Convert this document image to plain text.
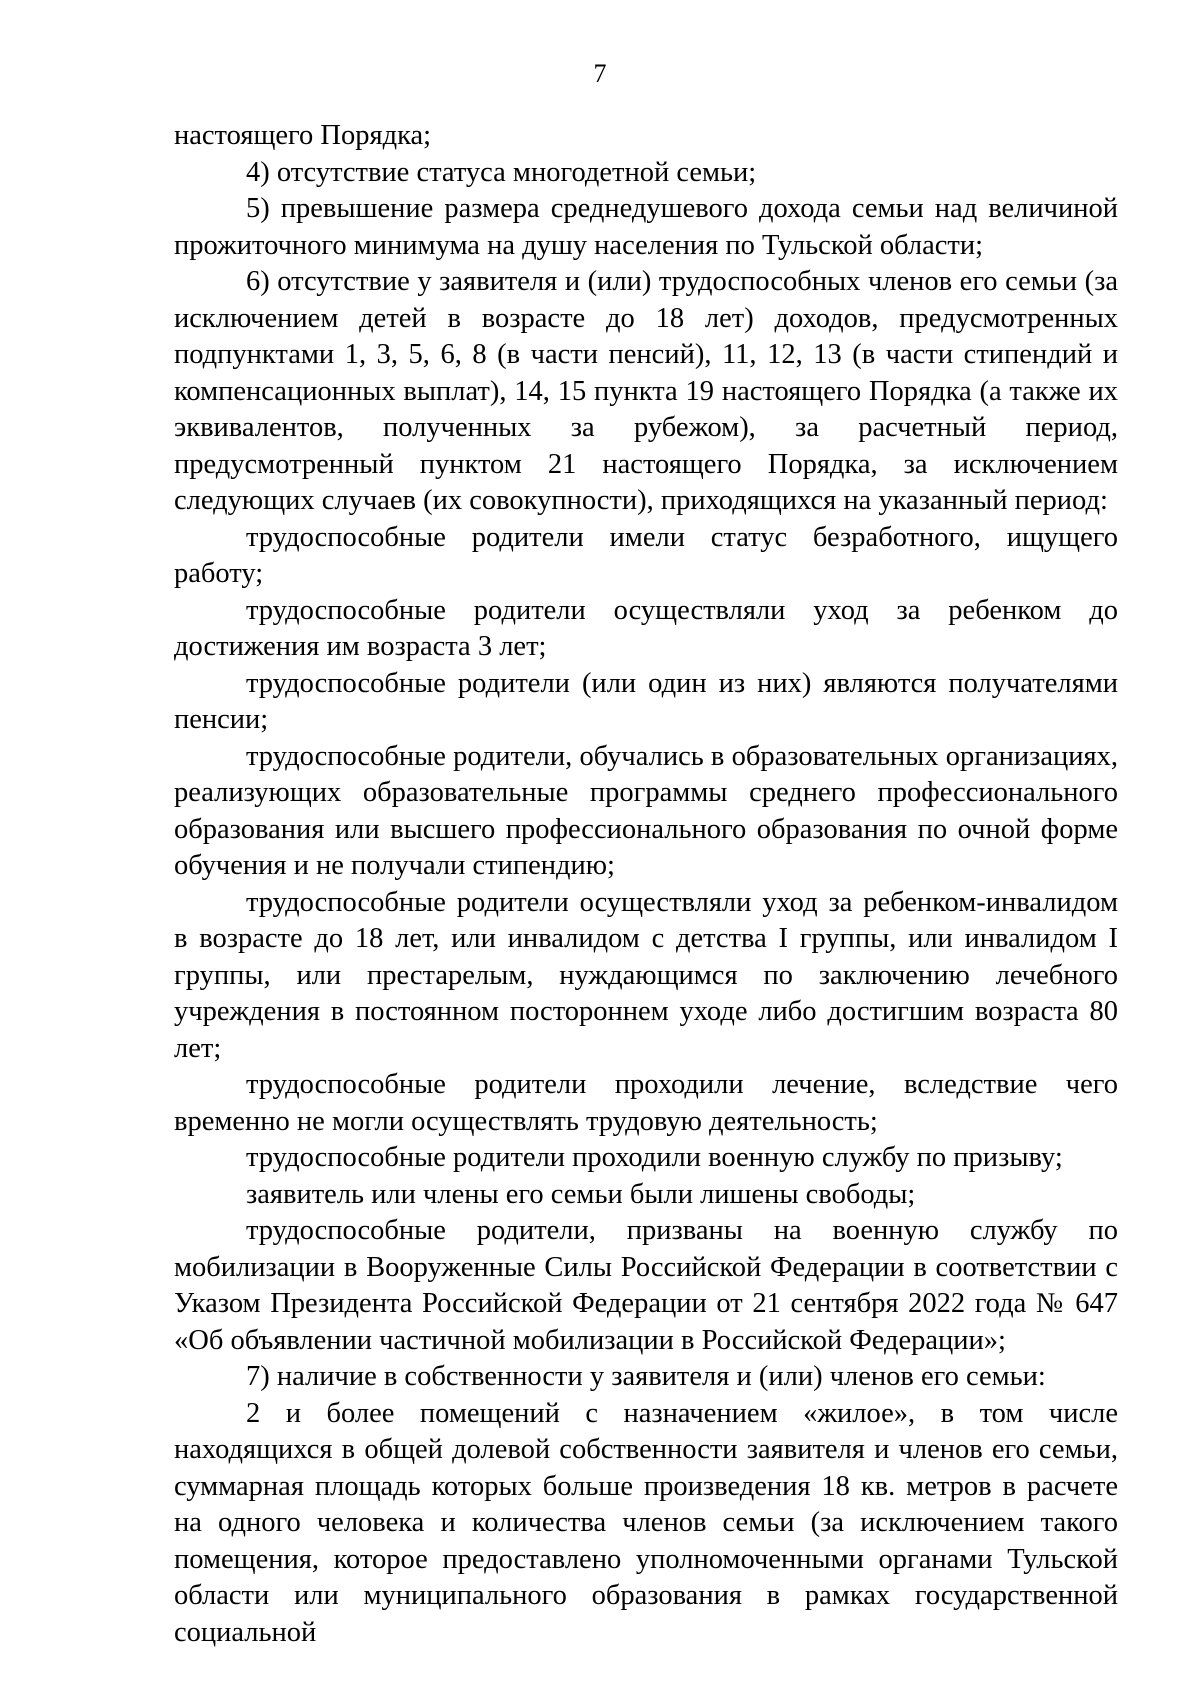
7

настоящего Порядка;

4) отсутствие статуса многодетной семьи;

5) превышение размера среднедушевого дохода семьи над величиной прожиточного минимума на душу населения по Тульской области;

6) отсутствие у заявителя и (или) трудоспособных членов его семьи (за исключением детей в возрасте до 18 лет) доходов, предусмотренных подпунктами 1, 3, 5, 6, 8 (в части пенсий), 11, 12, 13 (в части стипендий и компенсационных выплат), 14, 15 пункта 19 настоящего Порядка (а также их эквивалентов, полученных за рубежом), за расчетный период, предусмотренный пунктом 21 настоящего Порядка, за исключением следующих случаев (их совокупности), приходящихся на указанный период:

трудоспособные родители имели статус безработного, ищущего работу;

трудоспособные родители осуществляли уход за ребенком до достижения им возраста 3 лет;

трудоспособные родители (или один из них) являются получателями пенсии;

трудоспособные родители, обучались в образовательных организациях, реализующих образовательные программы среднего профессионального образования или высшего профессионального образования по очной форме обучения и не получали стипендию;

трудоспособные родители осуществляли уход за ребенком-инвалидом в возрасте до 18 лет, или инвалидом с детства I группы, или инвалидом I группы, или престарелым, нуждающимся по заключению лечебного учреждения в постоянном постороннем уходе либо достигшим возраста 80 лет;

трудоспособные родители проходили лечение, вследствие чего временно не могли осуществлять трудовую деятельность;

трудоспособные родители проходили военную службу по призыву;

заявитель или члены его семьи были лишены свободы;

трудоспособные родители, призваны на военную службу по мобилизации в Вооруженные Силы Российской Федерации в соответствии с Указом Президента Российской Федерации от 21 сентября 2022 года № 647 «Об объявлении частичной мобилизации в Российской Федерации»;

7) наличие в собственности у заявителя и (или) членов его семьи:

2 и более помещений с назначением «жилое», в том числе находящихся в общей долевой собственности заявителя и членов его семьи, суммарная площадь которых больше произведения 18 кв. метров в расчете на одного человека и количества членов семьи (за исключением такого помещения, которое предоставлено уполномоченными органами Тульской области или муниципального образования в рамках государственной социальной
